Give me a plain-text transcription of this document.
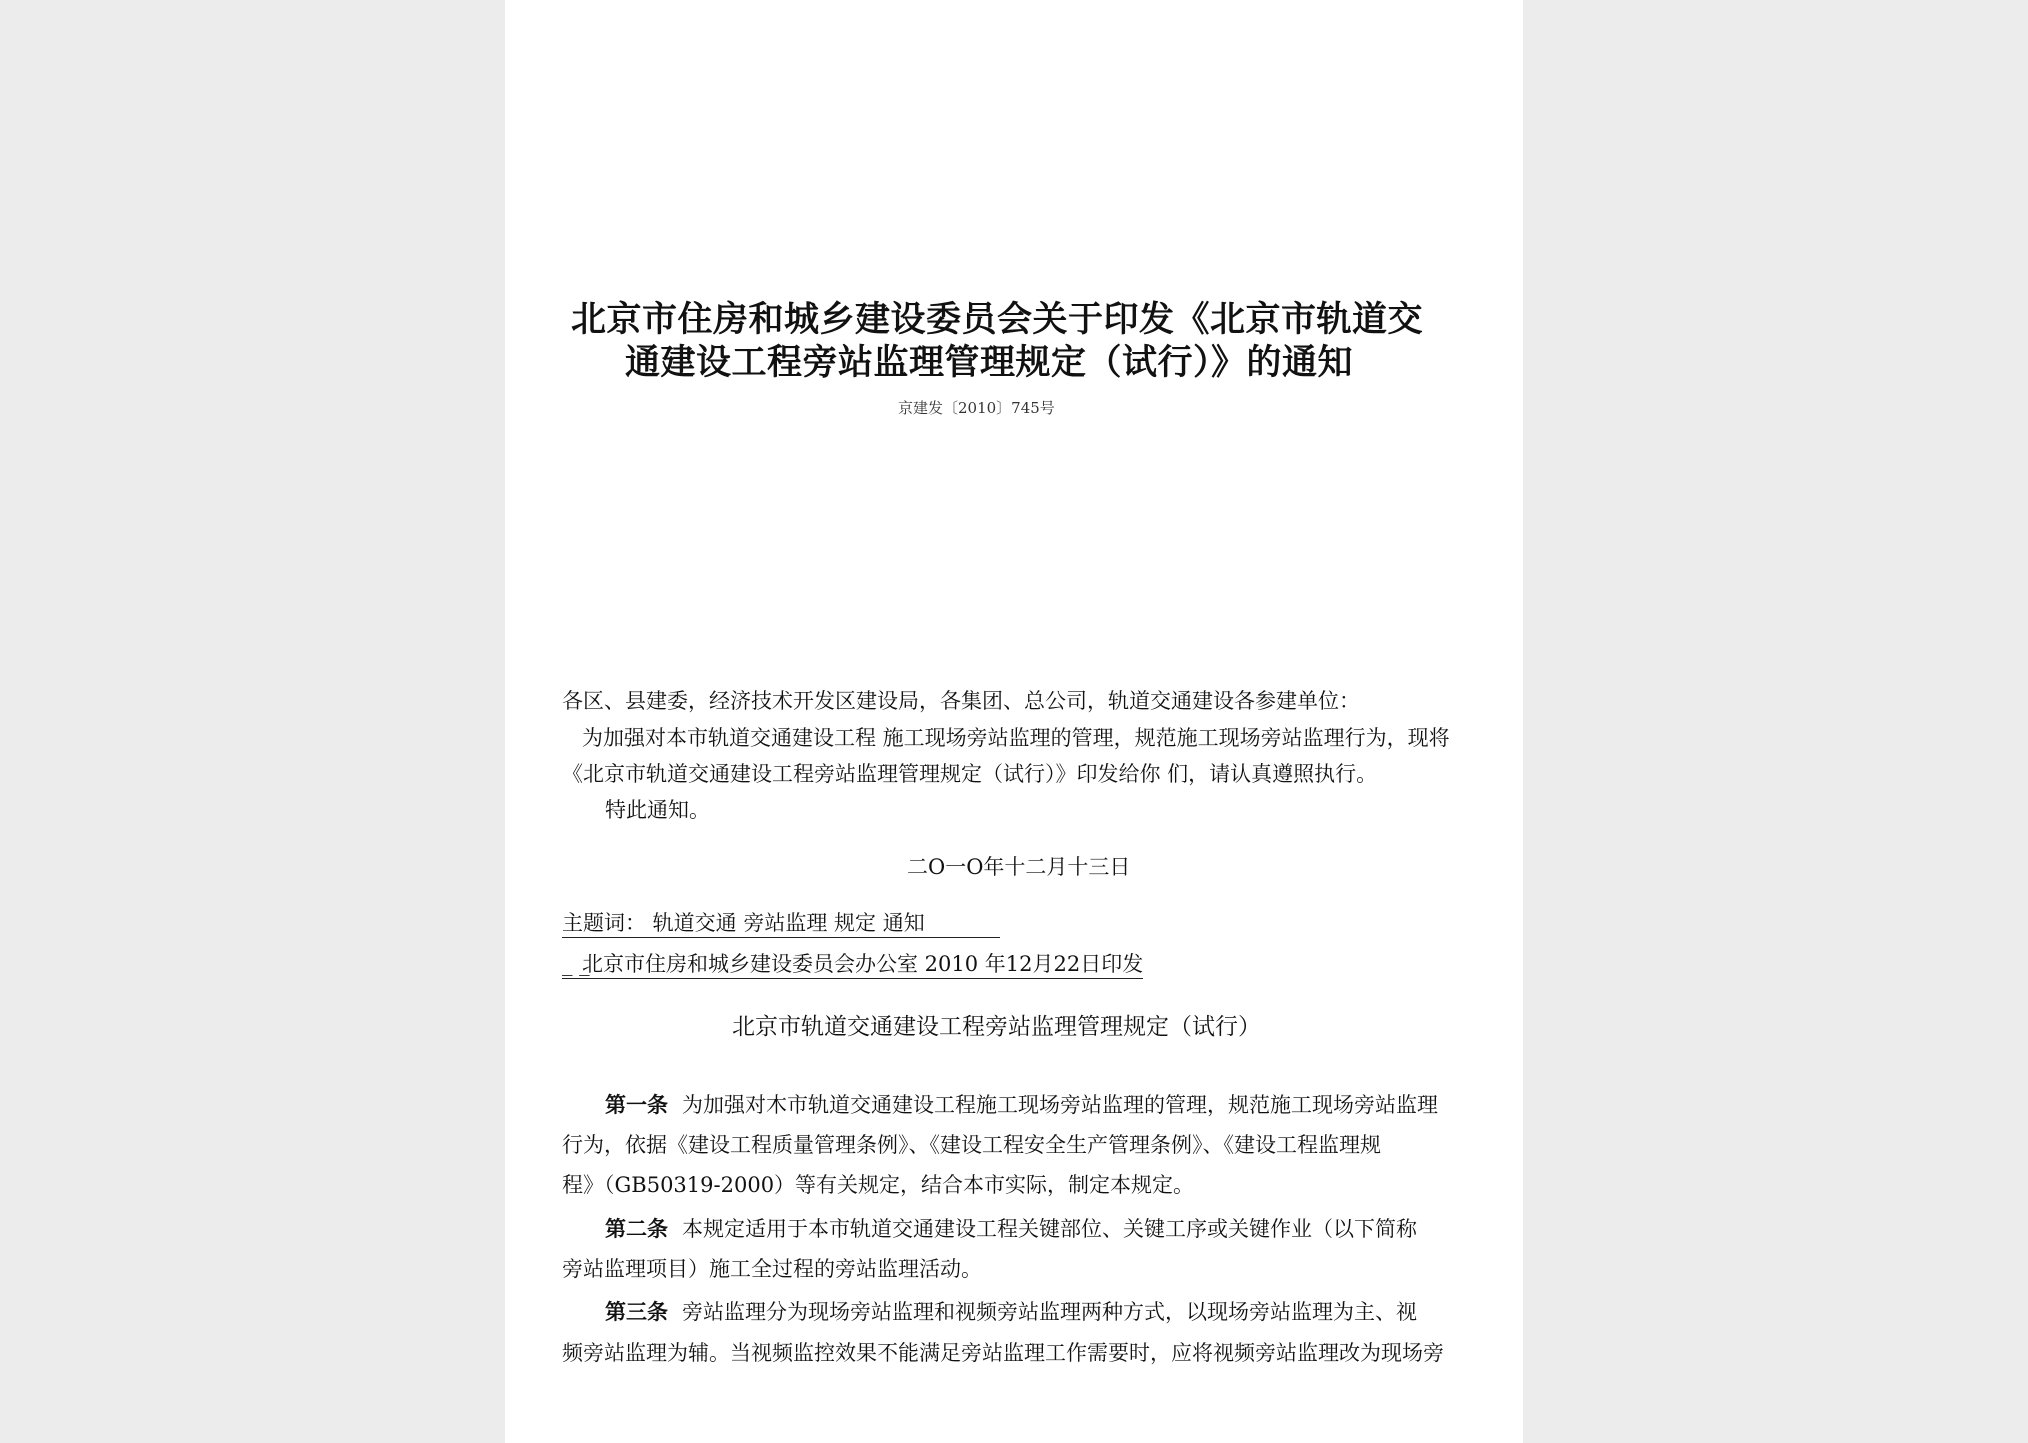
北京市住房和城乡建设委员会关于印发《北京市轨道交
通建设工程旁站监理管理规定（试行）》的通知
京建发〔2010〕745号
各区、县建委，经济技术开发区建设局，各集团、总公司，轨道交通建设各参建单位：
为加强对本市轨道交通建设工程 施工现场旁站监理的管理，规范施工现场旁站监理行为，现将
《北京市轨道交通建设工程旁站监理管理规定（试行）》印发给你 们，请认真遵照执行。
特此通知。
二O一O年十二月十三日
主题词： 轨道交通 旁站监理 规定 通知
_ _北京市住房和城乡建设委员会办公室 2010 年12月22日印发
北京市轨道交通建设工程旁站监理管理规定（试行）
第一条 为加强对木市轨道交通建设工程施工现场旁站监理的管理，规范施工现场旁站监理
行为，依据《建设工程质量管理条例》、《建设工程安全生产管理条例》、《建设工程监理规
程》（GB50319-2000）等有关规定，结合本市实际，制定本规定。
第二条 本规定适用于本市轨道交通建设工程关键部位、关键工序或关键作业（以下简称
旁站监理项目）施工全过程的旁站监理活动。
第三条 旁站监理分为现场旁站监理和视频旁站监理两种方式，以现场旁站监理为主、视
频旁站监理为辅。当视频监控效果不能满足旁站监理工作需要时，应将视频旁站监理改为现场旁
